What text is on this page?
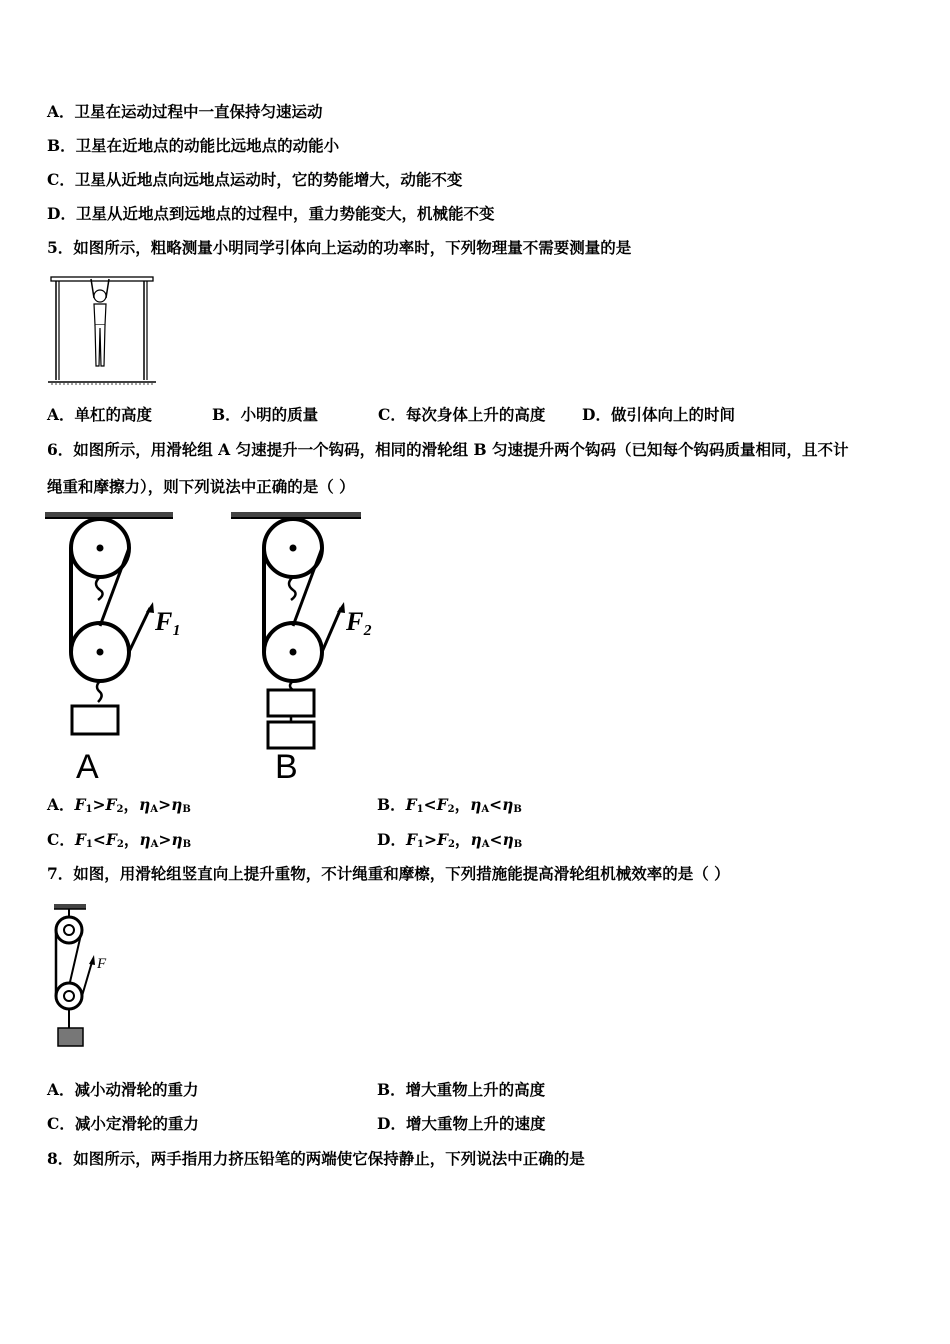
A．卫星在运动过程中一直保持匀速运动
B．卫星在近地点的动能比远地点的动能小
C．卫星从近地点向远地点运动时，它的势能增大，动能不变
D．卫星从近地点到远地点的过程中，重力势能变大，机械能不变
5．如图所示，粗略测量小明同学引体向上运动的功率时，下列物理量不需要测量的是
A．单杠的高度	B．小明的质量	C．每次身体上升的高度 D．做引体向上的时间
6．如图所示，用滑轮组 A 匀速提升一个钩码，相同的滑轮组 B 匀速提升两个钩码（已知每个钩码质量相同，且不计
绳重和摩擦力），则下列说法中正确的是（ ）
F₁
A
F₂
B
A．$F_1>F_2$，$\eta_A>\eta_B$	B．$F_1<F_2$，$\eta_A<\eta_B$
C．$F_1<F_2$，$\eta_A>\eta_B$	D．$F_1>F_2$，$\eta_A<\eta_B$
7．如图，用滑轮组竖直向上提升重物，不计绳重和摩檫，下列措施能提高滑轮组机械效率的是（ ）
F
A．减小动滑轮的重力	B．增大重物上升的高度
C．减小定滑轮的重力	D．增大重物上升的速度
8．如图所示，两手指用力挤压铅笔的两端使它保持静止，下列说法中正确的是
